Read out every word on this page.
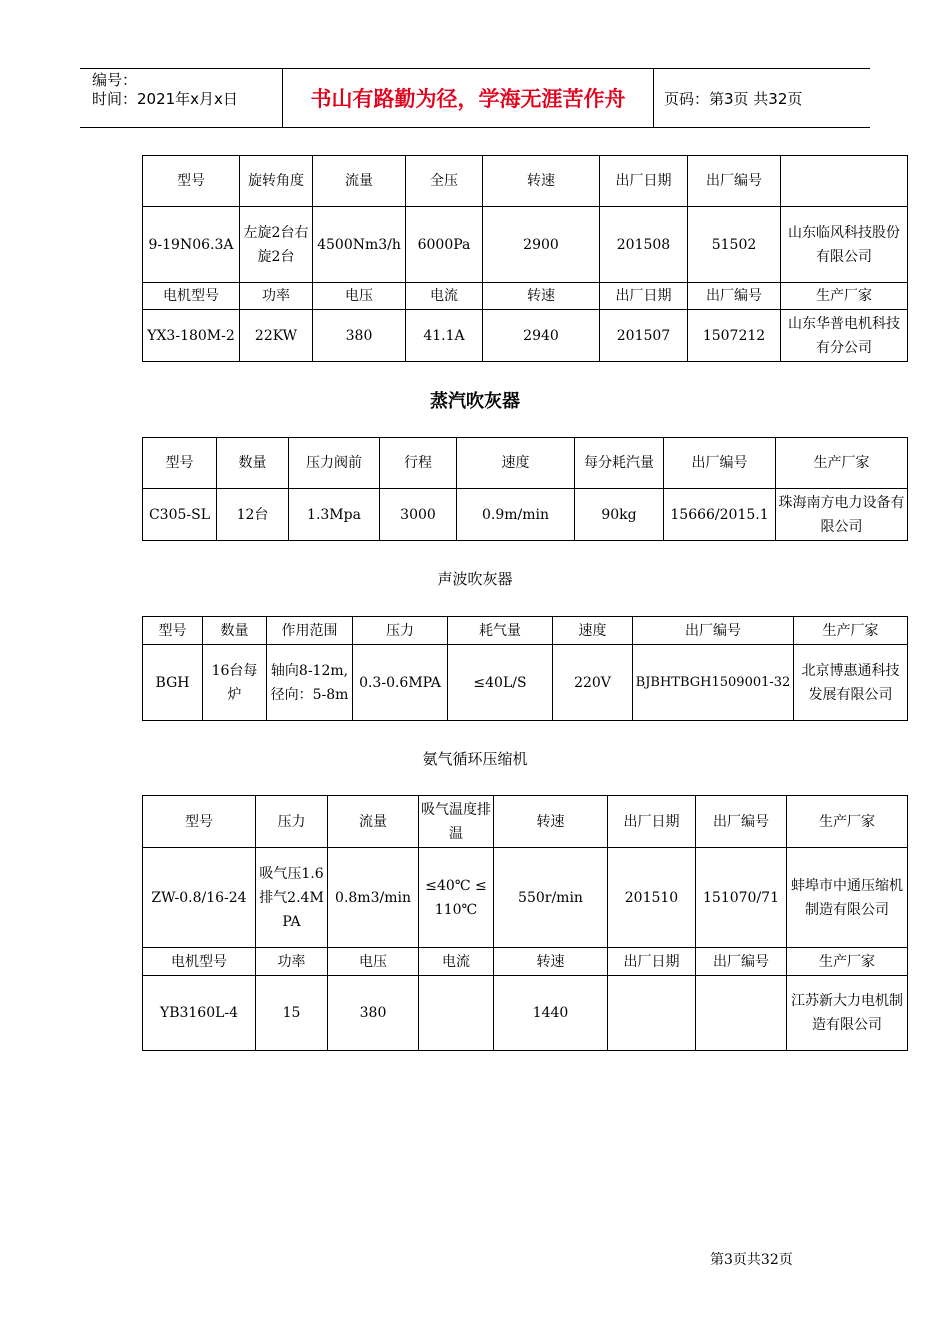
编号：
时间：2021年x月x日	书山有路勤为径，学海无涯苦作舟	页码：第3页 共32页
型号	旋转角度	流量	全压	转速	出厂日期	出厂编号	
9-19N06.3A	左旋2台右旋2台	4500Nm3/h	6000Pa	2900	201508	51502	山东临风科技股份有限公司
电机型号	功率	电压	电流	转速	出厂日期	出厂编号	生产厂家
YX3-180M-2	22KW	380	41.1A	2940	201507	1507212	山东华普电机科技有分公司
蒸汽吹灰器
型号	数量	压力阀前	行程	速度	每分耗汽量	出厂编号	生产厂家
C305-SL	12台	1.3Mpa	3000	0.9m/min	90kg	15666/2015.1	珠海南方电力设备有限公司
声波吹灰器
型号	数量	作用范围	压力	耗气量	速度	出厂编号	生产厂家
BGH	16台每炉	轴向8-12m,径向：5-8m	0.3-0.6MPA	≤40L/S	220V	BJBHTBGH1509001-32	北京博惠通科技发展有限公司
氨气循环压缩机
型号	压力	流量	吸气温度排温	转速	出厂日期	出厂编号	生产厂家
ZW-0.8/16-24	吸气压1.6排气2.4MPA	0.8m3/min	≤40℃ ≤110℃	550r/min	201510	151070/71	蚌埠市中通压缩机制造有限公司
电机型号	功率	电压	电流	转速	出厂日期	出厂编号	生产厂家
YB3160L-4	15	380		1440			江苏新大力电机制造有限公司
第3页共32页
